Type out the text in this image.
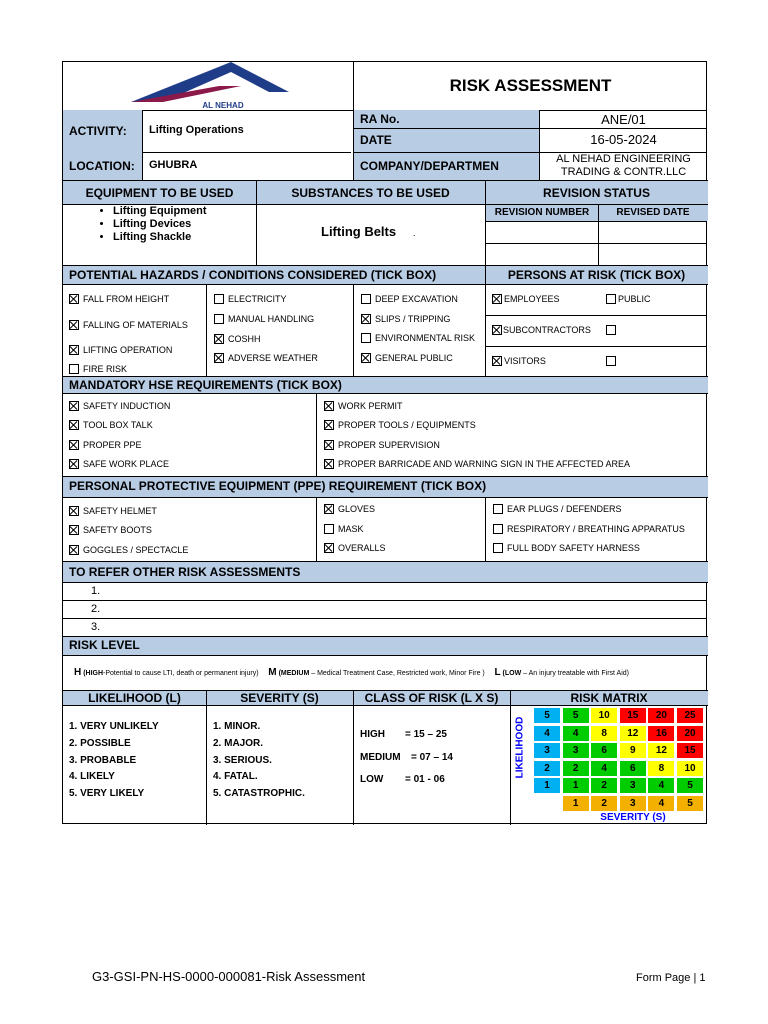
AL NEHAD
RISK ASSESSMENT
ACTIVITY: Lifting Operations
LOCATION: GHUBRA
RA No.	ANE/01
DATE	16-05-2024
COMPANY/DEPARTMEN	AL NEHAD ENGINEERING
TRADING & CONTR.LLC
EQUIPMENT TO BE USED	SUBSTANCES TO BE USED	REVISION STATUS
• Lifting Equipment
• Lifting Devices
• Lifting Shackle	Lifting Belts .
REVISION NUMBER	REVISED DATE
POTENTIAL HAZARDS / CONDITIONS CONSIDERED (TICK BOX)	PERSONS AT RISK (TICK BOX)
FALL FROM HEIGHT
FALLING OF MATERIALS
LIFTING OPERATION
FIRE RISK
ELECTRICITY
MANUAL HANDLING
COSHH
ADVERSE WEATHER
DEEP EXCAVATION
SLIPS / TRIPPING
ENVIRONMENTAL RISK
GENERAL PUBLIC
EMPLOYEES	PUBLIC
SUBCONTRACTORS
VISITORS
MANDATORY HSE REQUIREMENTS (TICK BOX)
SAFETY INDUCTION
TOOL BOX TALK
PROPER PPE
SAFE WORK PLACE
WORK PERMIT
PROPER TOOLS / EQUIPMENTS
PROPER SUPERVISION
PROPER BARRICADE AND WARNING SIGN IN THE AFFECTED AREA
PERSONAL PROTECTIVE EQUIPMENT (PPE) REQUIREMENT (TICK BOX)
SAFETY HELMET
SAFETY BOOTS
GOGGLES / SPECTACLE
GLOVES
MASK
OVERALLS
EAR PLUGS / DEFENDERS
RESPIRATORY / BREATHING APPARATUS
FULL BODY SAFETY HARNESS
TO REFER OTHER RISK ASSESSMENTS
1.
2.
3.
RISK LEVEL
H (HIGH-Potential to cause LTI, death or permanent injury) M (MEDIUM – Medical Treatment Case, Restricted work, Minor Fire ) L (LOW – An injury treatable with First Aid)
LIKELIHOOD (L)	SEVERITY (S)	CLASS OF RISK (L X S)	RISK MATRIX
1. VERY UNLIKELY
2. POSSIBLE
3. PROBABLE
4. LIKELY
5. VERY LIKELY
1. MINOR.
2. MAJOR.
3. SERIOUS.
4. FATAL.
5. CATASTROPHIC.
HIGH = 15 – 25
MEDIUM = 07 – 14
LOW = 01 - 06
LIKELIHOOD
5	5	10	15	20	25
4	4	8	12	16	20
3	3	6	9	12	15
2	2	4	6	8	10
1	1	2	3	4	5
1	2	3	4	5
SEVERITY (S)
G3-GSI-PN-HS-0000-000081-Risk Assessment	Form Page | 1
